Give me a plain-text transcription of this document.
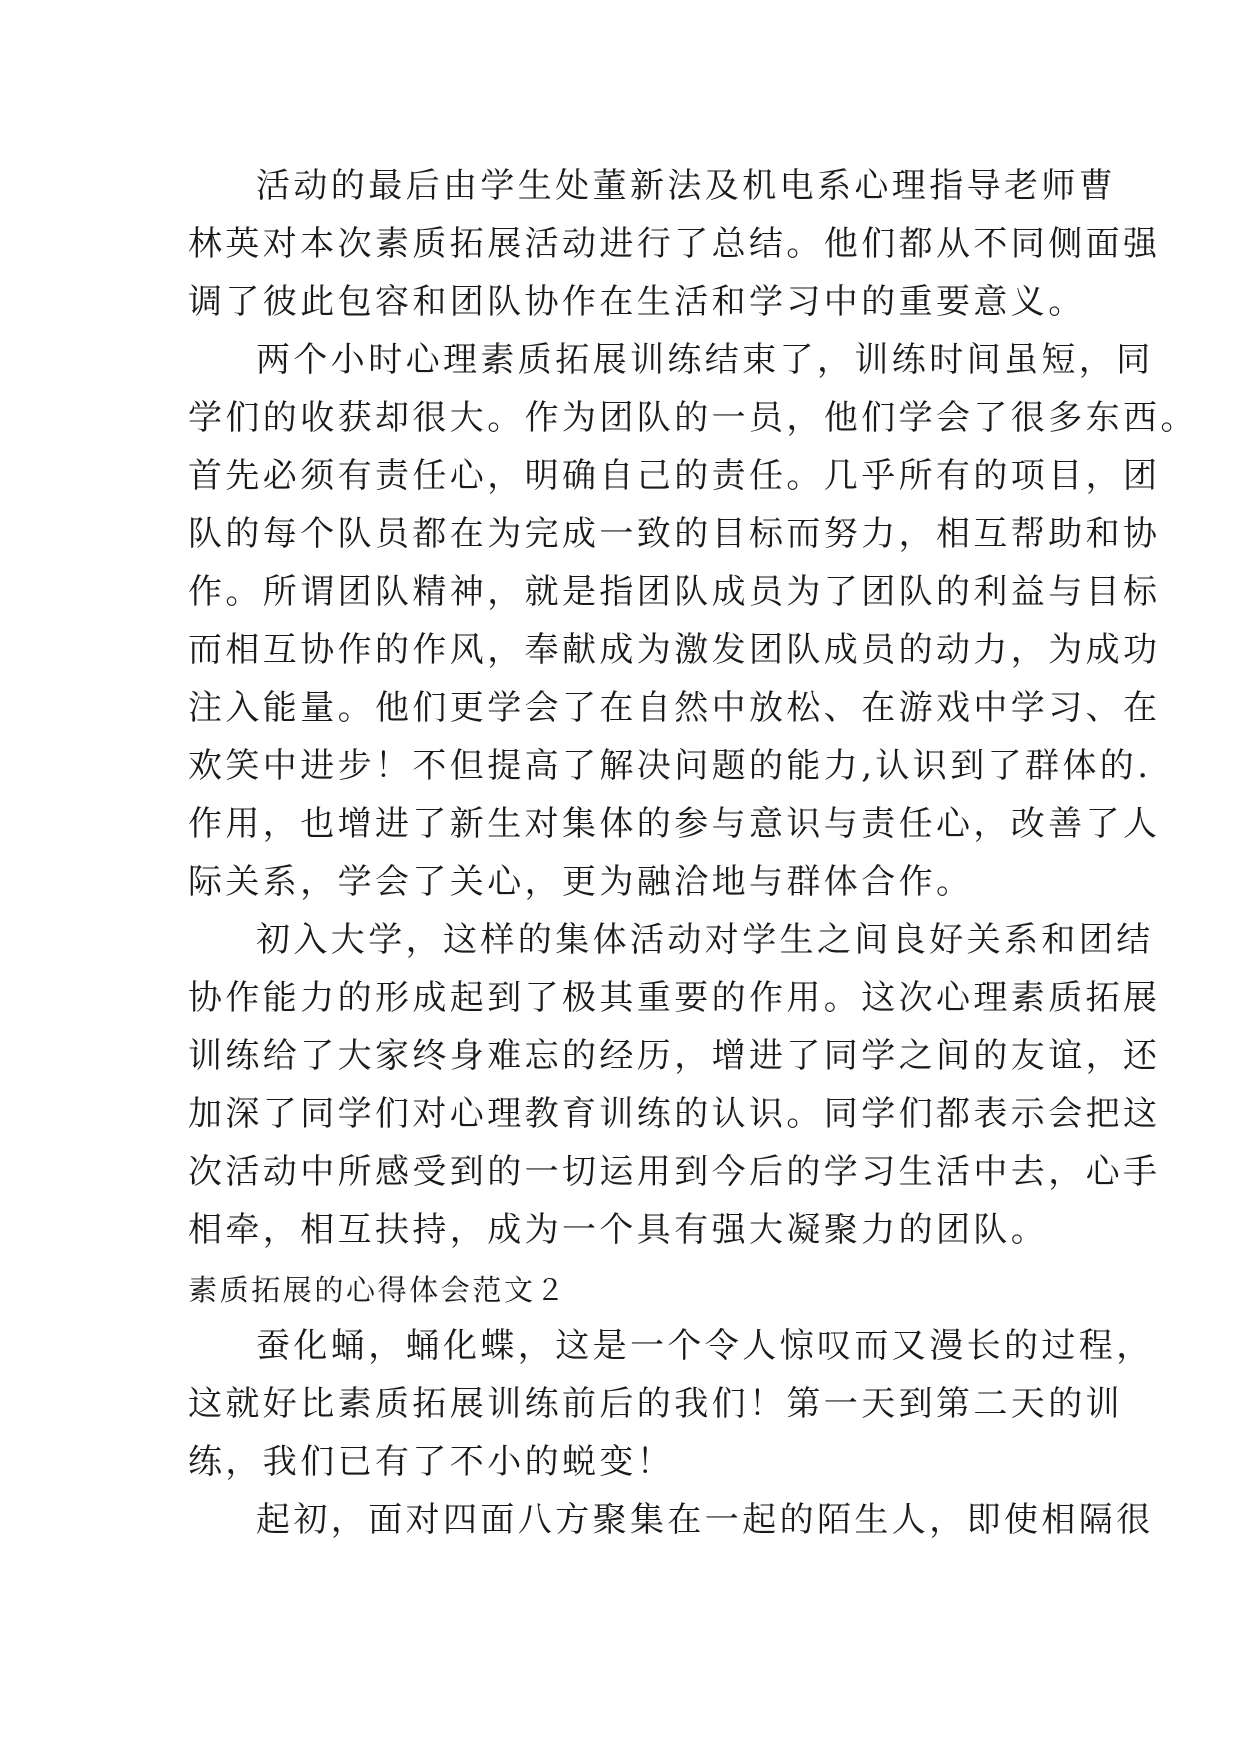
活动的最后由学生处董新法及机电系心理指导老师曹

林英对本次素质拓展活动进行了总结。他们都从不同侧面强

调了彼此包容和团队协作在生活和学习中的重要意义。

两个小时心理素质拓展训练结束了，训练时间虽短，同

学们的收获却很大。作为团队的一员，他们学会了很多东西。

首先必须有责任心，明确自己的责任。几乎所有的项目，团

队的每个队员都在为完成一致的目标而努力，相互帮助和协

作。所谓团队精神，就是指团队成员为了团队的利益与目标

而相互协作的作风，奉献成为激发团队成员的动力，为成功

注入能量。他们更学会了在自然中放松、在游戏中学习、在

欢笑中进步！不但提高了解决问题的能力,认识到了群体的.

作用，也增进了新生对集体的参与意识与责任心，改善了人

际关系，学会了关心，更为融洽地与群体合作。

初入大学，这样的集体活动对学生之间良好关系和团结

协作能力的形成起到了极其重要的作用。这次心理素质拓展

训练给了大家终身难忘的经历，增进了同学之间的友谊，还

加深了同学们对心理教育训练的认识。同学们都表示会把这

次活动中所感受到的一切运用到今后的学习生活中去，心手

相牵，相互扶持，成为一个具有强大凝聚力的团队。

素质拓展的心得体会范文２

蚕化蛹，蛹化蝶，这是一个令人惊叹而又漫长的过程，

这就好比素质拓展训练前后的我们！第一天到第二天的训

练，我们已有了不小的蜕变！

起初，面对四面八方聚集在一起的陌生人，即使相隔很
